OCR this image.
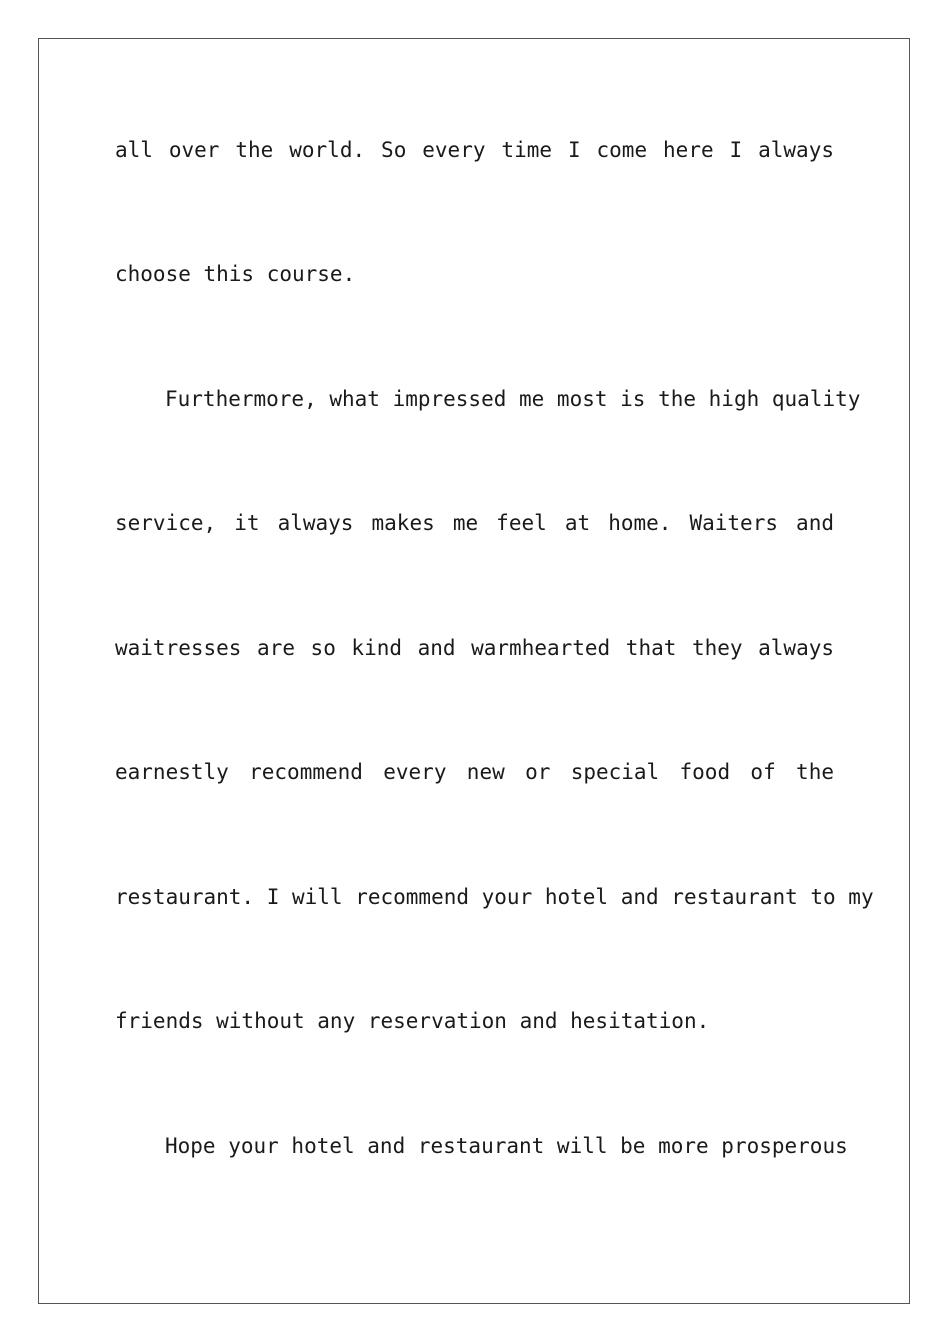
all over the world. So every time I come here I always
choose this course.
Furthermore, what impressed me most is the high quality
service, it always makes me feel at home. Waiters and
waitresses are so kind and warmhearted that they always
earnestly recommend every new or special food of the
restaurant. I will recommend your hotel and restaurant to my
friends without any reservation and hesitation.
Hope your hotel and restaurant will be more prosperous
